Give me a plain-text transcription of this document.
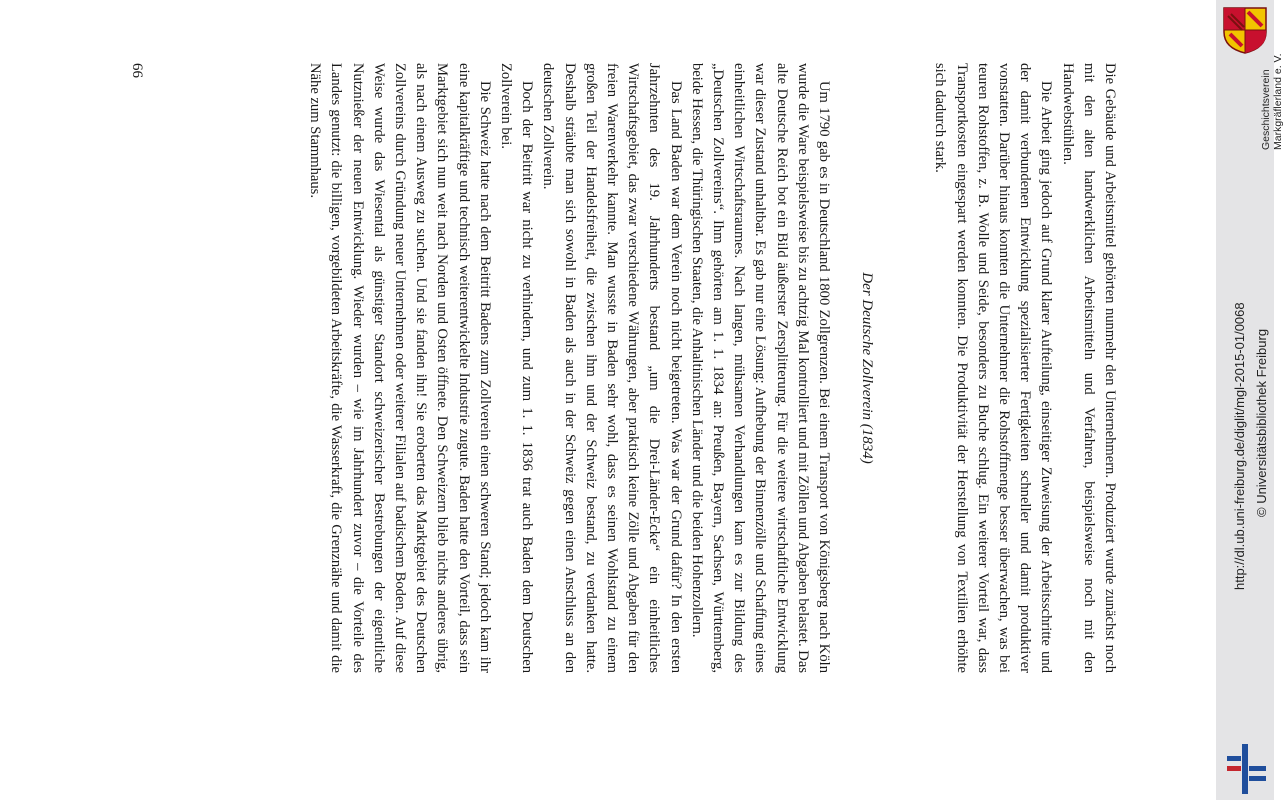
Die Gebäude und Arbeitsmittel gehörten nunmehr den Unternehmern. Produziert wurde zunächst noch mit den alten handwerklichen Arbeitsmitteln und Verfahren, beispielsweise noch mit den Handwebstühlen.

Die Arbeit ging jedoch auf Grund klarer Aufteilung, einseitiger Zuweisung der Arbeitsschritte und der damit verbundenen Entwicklung spezialisierter Fertigkeiten schneller und damit produktiver vonstatten. Darüber hinaus konnten die Unternehmer die Rohstoffmenge besser überwachen, was bei teuren Rohstoffen, z. B. Wolle und Seide, besonders zu Buche schlug. Ein weiterer Vorteil war, dass Transportkosten eingespart werden konnten. Die Produktivität der Herstellung von Textilien erhöhte sich dadurch stark.

Der Deutsche Zollverein (1834)

Um 1790 gab es in Deutschland 1800 Zollgrenzen. Bei einem Transport von Königsberg nach Köln wurde die Ware beispielsweise bis zu achtzig Mal kontrolliert und mit Zöllen und Abgaben belastet. Das alte Deutsche Reich bot ein Bild äußerster Zersplitterung. Für die weitere wirtschaftliche Entwicklung war dieser Zustand unhaltbar. Es gab nur eine Lösung: Aufhebung der Binnenzölle und Schaffung eines einheitlichen Wirtschaftsraumes. Nach langen, mühsamen Verhandlungen kam es zur Bildung des „Deutschen Zollvereins“. Ihm gehörten am 1. 1. 1834 an: Preußen, Bayern, Sachsen, Württemberg, beide Hessen, die Thüringischen Staaten, die Anhaltinischen Länder und die beiden Hohenzollern.

Das Land Baden war dem Verein noch nicht beigetreten. Was war der Grund dafür? In den ersten Jahrzehnten des 19. Jahrhunderts bestand „um die Drei-Länder-Ecke“ ein einheitliches Wirtschaftsgebiet, das zwar verschiedene Währungen, aber praktisch keine Zölle und Abgaben für den freien Warenverkehr kannte. Man wusste in Baden sehr wohl, dass es seinen Wohlstand zu einem großen Teil der Handelsfreiheit, die zwischen ihm und der Schweiz bestand, zu verdanken hatte. Deshalb sträubte man sich sowohl in Baden als auch in der Schweiz gegen einen Anschluss an den deutschen Zollverein.

Doch der Beitritt war nicht zu verhindern, und zum 1. 1. 1836 trat auch Baden dem Deutschen Zollverein bei.

Die Schweiz hatte nach dem Beitritt Badens zum Zollverein einen schweren Stand; jedoch kam ihr eine kapitalkräftige und technisch weiterentwickelte Industrie zugute. Baden hatte den Vorteil, dass sein Marktgebiet sich nun weit nach Norden und Osten öffnete. Den Schweizern blieb nichts anderes übrig, als nach einem Ausweg zu suchen. Und sie fanden ihn! Sie eroberten das Marktgebiet des Deutschen Zollvereins durch Gründung neuer Unternehmen oder weiterer Filialen auf badischem Boden. Auf diese Weise wurde das Wiesental als günstiger Standort schweizerischer Bestrebungen der eigentliche Nutznießer der neuen Entwicklung. Wieder wurden – wie im Jahrhundert zuvor – die Vorteile des Landes genutzt: die billigen, vorgebildeten Arbeitskräfte, die Wasserkraft, die Grenznähe und damit die Nähe zum Stammhaus.

66	Geschichtsverein Markgräflerland e. V.
http://dl.ub.uni-freiburg.de/diglit/mgl-2015-01/0068 © Universitätsbibliothek Freiburg
